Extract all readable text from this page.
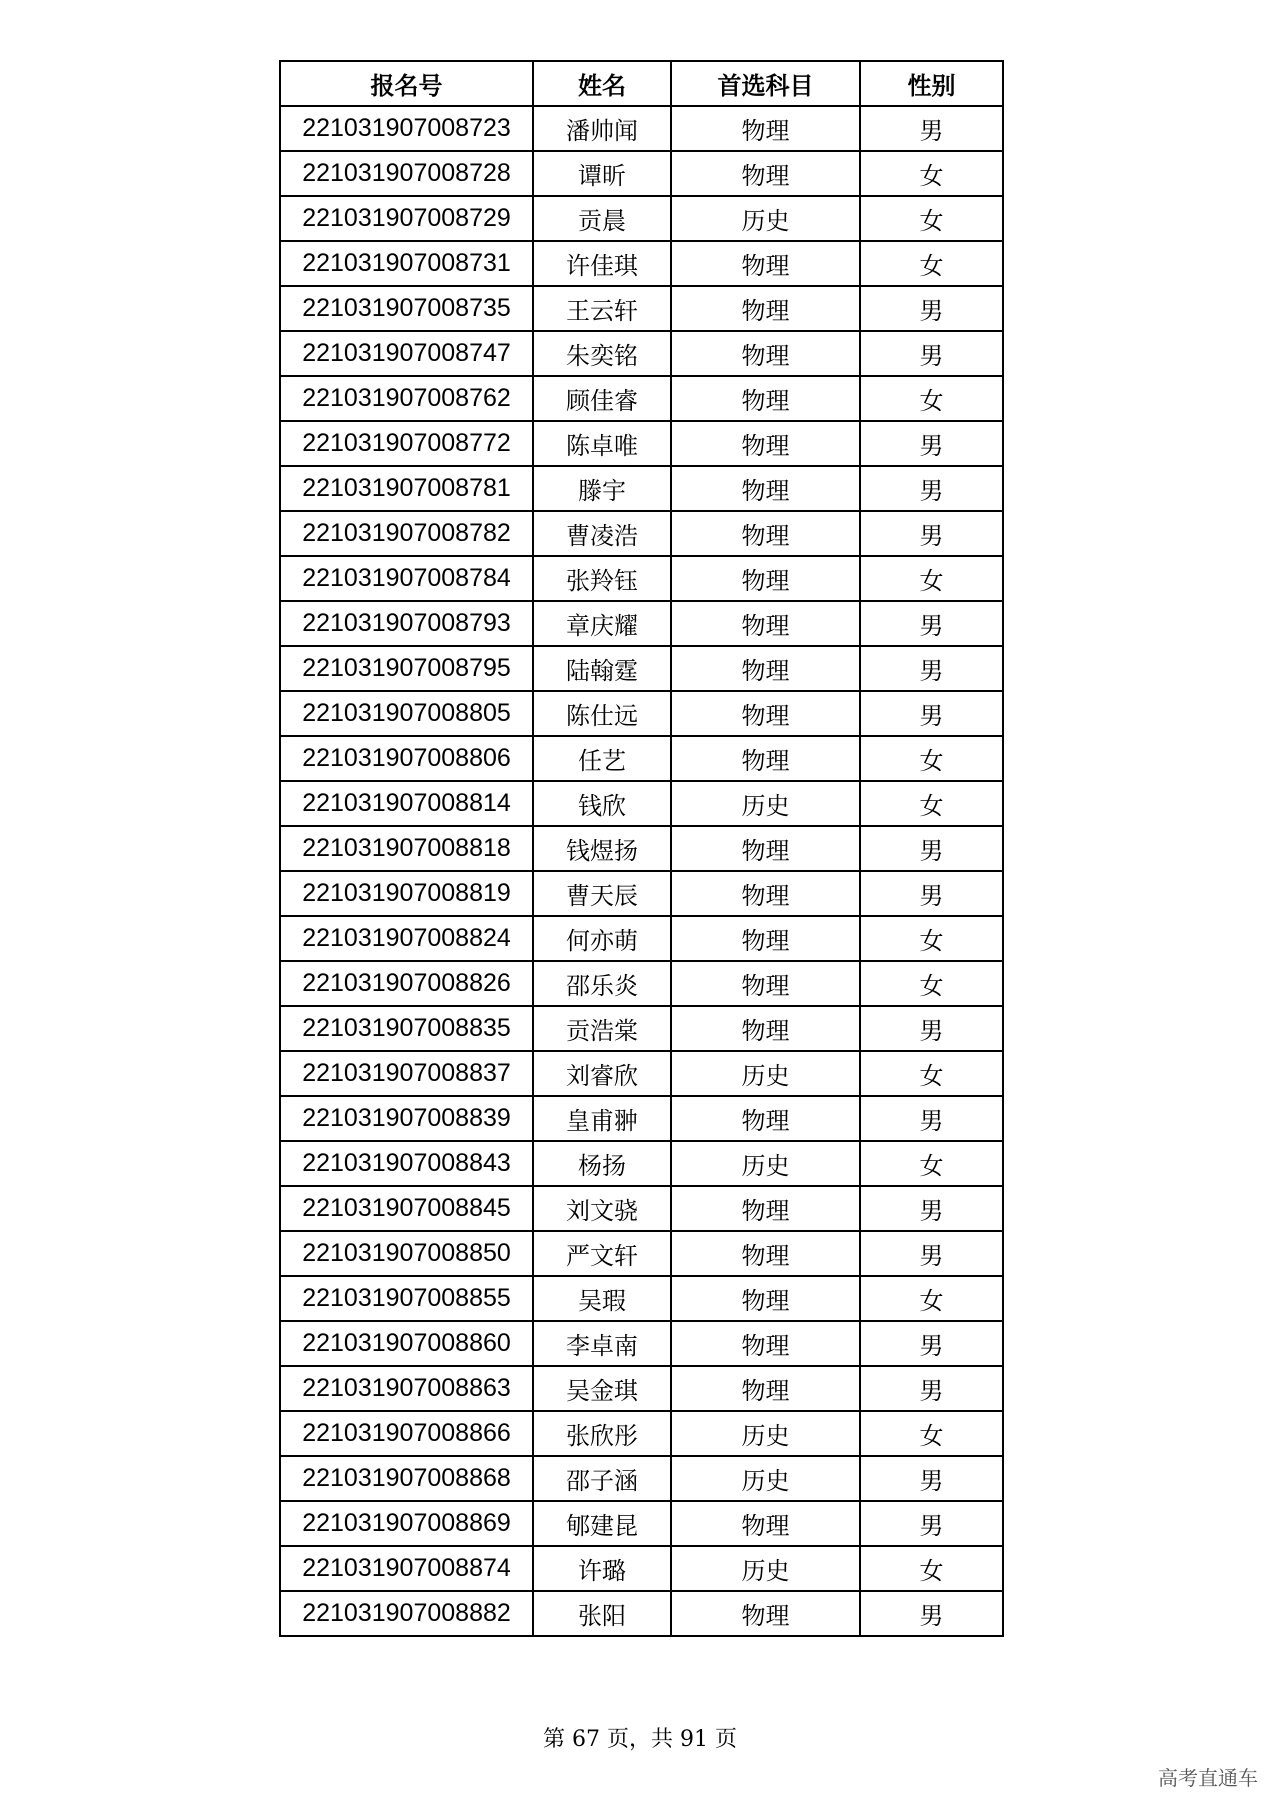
报名号	姓名	首选科目	性别
221031907008723	潘帅闻	物理	男
221031907008728	谭昕	物理	女
221031907008729	贡晨	历史	女
221031907008731	许佳琪	物理	女
221031907008735	王云轩	物理	男
221031907008747	朱奕铭	物理	男
221031907008762	顾佳睿	物理	女
221031907008772	陈卓唯	物理	男
221031907008781	滕宇	物理	男
221031907008782	曹凌浩	物理	男
221031907008784	张羚钰	物理	女
221031907008793	章庆耀	物理	男
221031907008795	陆翰霆	物理	男
221031907008805	陈仕远	物理	男
221031907008806	任艺	物理	女
221031907008814	钱欣	历史	女
221031907008818	钱煜扬	物理	男
221031907008819	曹天辰	物理	男
221031907008824	何亦萌	物理	女
221031907008826	邵乐炎	物理	女
221031907008835	贡浩棠	物理	男
221031907008837	刘睿欣	历史	女
221031907008839	皇甫翀	物理	男
221031907008843	杨扬	历史	女
221031907008845	刘文骁	物理	男
221031907008850	严文轩	物理	男
221031907008855	吴瑕	物理	女
221031907008860	李卓南	物理	男
221031907008863	吴金琪	物理	男
221031907008866	张欣彤	历史	女
221031907008868	邵子涵	历史	男
221031907008869	郇建昆	物理	男
221031907008874	许璐	历史	女
221031907008882	张阳	物理	男
第 67 页，共 91 页
高考直通车
